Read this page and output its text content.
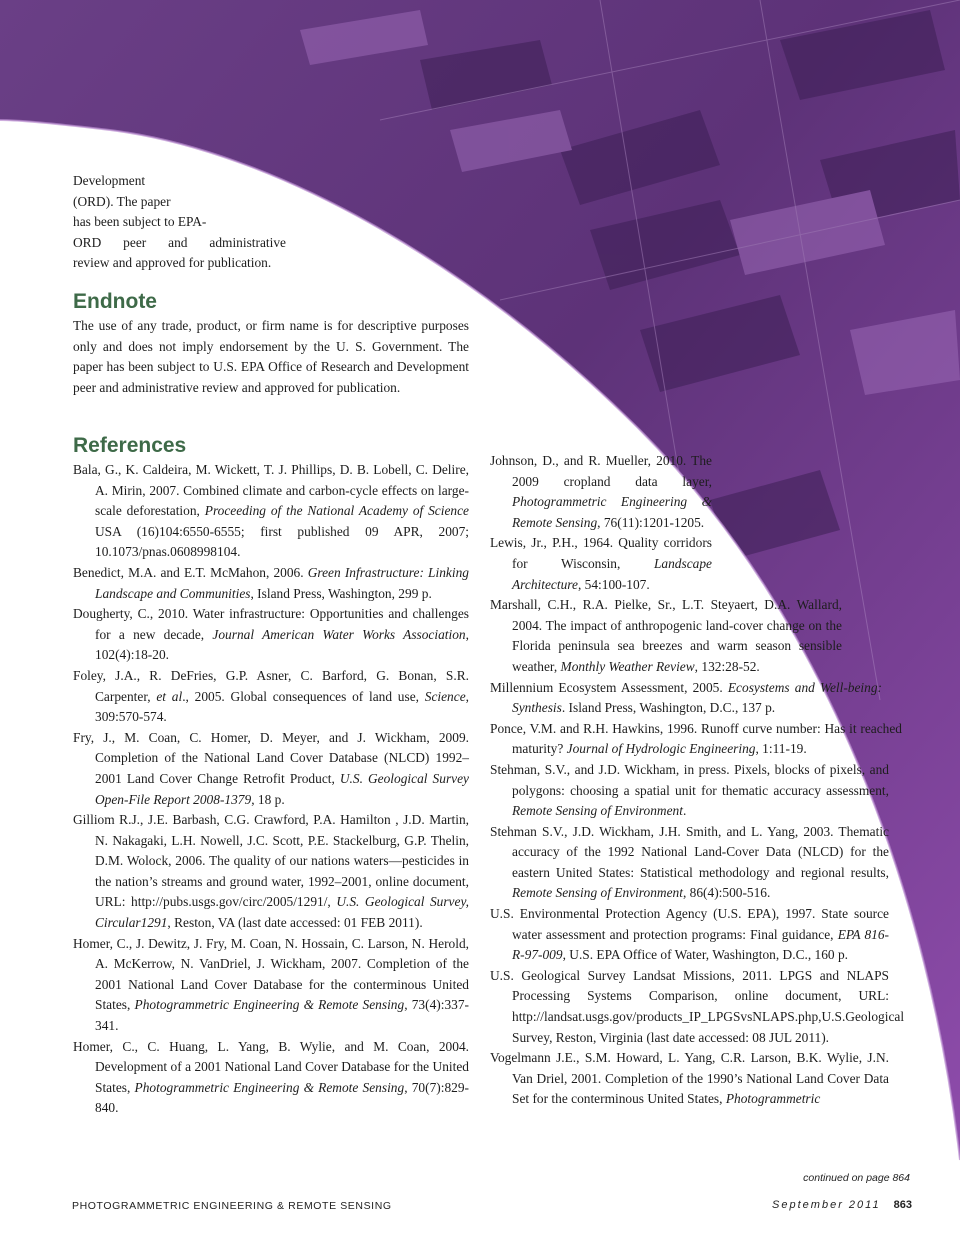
Development

(ORD). The paper

has been subject to EPA-

ORD peer and administrative

review and approved for publication.

Endnote

The use of any trade, product, or firm name is for descriptive purposes only and does not imply endorsement by the U. S. Government. The paper has been subject to U.S. EPA Office of Research and Development peer and administrative review and approved for publication.

References

Bala, G., K. Caldeira, M. Wickett, T. J. Phillips, D. B. Lobell, C. Delire, A. Mirin, 2007. Combined climate and carbon-cycle effects on large-scale deforestation, Proceeding of the National Academy of Science USA (16)104:6550-6555; first published 09 APR, 2007; 10.1073/pnas.0608998104.

Benedict, M.A. and E.T. McMahon, 2006. Green Infrastructure: Linking Landscape and Communities, Island Press, Washington, 299 p.

Dougherty, C., 2010. Water infrastructure: Opportunities and challenges for a new decade, Journal American Water Works Association, 102(4):18-20.

Foley, J.A., R. DeFries, G.P. Asner, C. Barford, G. Bonan, S.R. Carpenter, et al., 2005. Global consequences of land use, Science, 309:570-574.

Fry, J., M. Coan, C. Homer, D. Meyer, and J. Wickham, 2009. Completion of the National Land Cover Database (NLCD) 1992–2001 Land Cover Change Retrofit Product, U.S. Geological Survey Open-File Report 2008-1379, 18 p.

Gilliom R.J., J.E. Barbash, C.G. Crawford, P.A. Hamilton , J.D. Martin, N. Nakagaki, L.H. Nowell, J.C. Scott, P.E. Stackelburg, G.P. Thelin, D.M. Wolock, 2006. The quality of our nations waters—pesticides in the nation’s streams and ground water, 1992–2001, online document, URL: http://pubs.usgs.gov/circ/2005/1291/, U.S. Geological Survey, Circular1291, Reston, VA (last date accessed: 01 FEB 2011).

Homer, C., J. Dewitz, J. Fry, M. Coan, N. Hossain, C. Larson, N. Herold, A. McKerrow, N. VanDriel, J. Wickham, 2007. Completion of the 2001 National Land Cover Database for the conterminous United States, Photogrammetric Engineering & Remote Sensing, 73(4):337-341.

Homer, C., C. Huang, L. Yang, B. Wylie, and M. Coan, 2004. Development of a 2001 National Land Cover Database for the United States, Photogrammetric Engineering & Remote Sensing, 70(7):829-840.

Johnson, D., and R. Mueller, 2010. The 2009 cropland data layer, Photogrammetric Engineering & Remote Sensing, 76(11):1201-1205.

Lewis, Jr., P.H., 1964. Quality corridors for Wisconsin, Landscape Architecture, 54:100-107.

Marshall, C.H., R.A. Pielke, Sr., L.T. Steyaert, D.A. Wallard, 2004. The impact of anthropogenic land-cover change on the Florida peninsula sea breezes and warm season sensible weather, Monthly Weather Review, 132:28-52.

Millennium Ecosystem Assessment, 2005. Ecosystems and Well-being: Synthesis. Island Press, Washington, D.C., 137 p.

Ponce, V.M. and R.H. Hawkins, 1996. Runoff curve number: Has it reached maturity? Journal of Hydrologic Engineering, 1:11-19.

Stehman, S.V., and J.D. Wickham, in press. Pixels, blocks of pixels, and polygons: choosing a spatial unit for thematic accuracy assessment, Remote Sensing of Environment.

Stehman S.V., J.D. Wickham, J.H. Smith, and L. Yang, 2003. Thematic accuracy of the 1992 National Land-Cover Data (NLCD) for the eastern United States: Statistical methodology and regional results, Remote Sensing of Environment, 86(4):500-516.

U.S. Environmental Protection Agency (U.S. EPA), 1997. State source water assessment and protection programs: Final guidance, EPA 816-R-97-009, U.S. EPA Office of Water, Washington, D.C., 160 p.

U.S. Geological Survey Landsat Missions, 2011. LPGS and NLAPS Processing Systems Comparison, online document, URL: http://landsat.usgs.gov/products_IP_LPGSvsNLAPS.php,U.S.Geological Survey, Reston, Virginia (last date accessed: 08 JUL 2011).

Vogelmann J.E., S.M. Howard, L. Yang, C.R. Larson, B.K. Wylie, J.N. Van Driel, 2001. Completion of the 1990’s National Land Cover Data Set for the conterminous United States, Photogrammetric

continued on page 864
PHOTOGRAMMETRIC ENGINEERING & REMOTE SENSING	September 2011 863
